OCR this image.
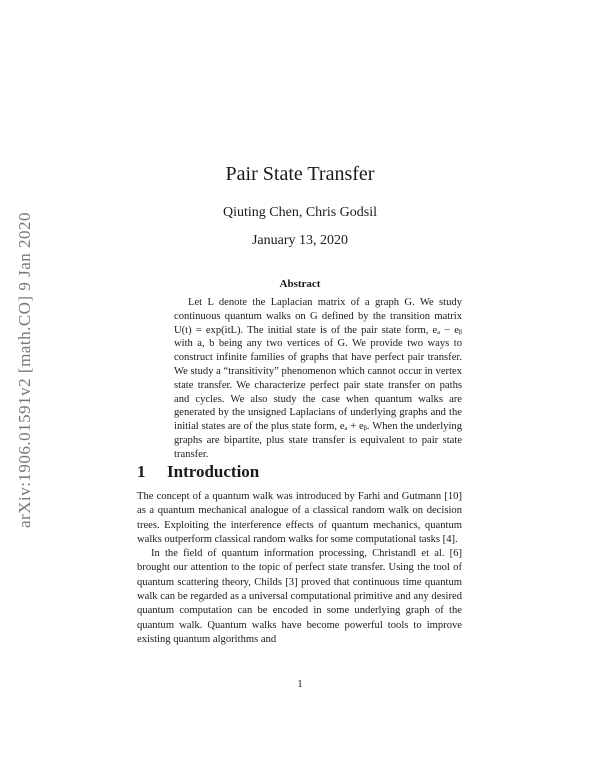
arXiv:1906.01591v2 [math.CO] 9 Jan 2020
Pair State Transfer
Qiuting Chen, Chris Godsil
January 13, 2020
Abstract
Let L denote the Laplacian matrix of a graph G. We study continuous quantum walks on G defined by the transition matrix U(t) = exp(itL). The initial state is of the pair state form, eₐ − eᵦ with a, b being any two vertices of G. We provide two ways to construct infinite families of graphs that have perfect pair transfer. We study a “transitivity” phenomenon which cannot occur in vertex state transfer. We characterize perfect pair state transfer on paths and cycles. We also study the case when quantum walks are generated by the unsigned Laplacians of underlying graphs and the initial states are of the plus state form, eₐ + eᵦ. When the underlying graphs are bipartite, plus state transfer is equivalent to pair state transfer.
1 Introduction

The concept of a quantum walk was introduced by Farhi and Gutmann [10] as a quantum mechanical analogue of a classical random walk on decision trees. Exploiting the interference effects of quantum mechanics, quantum walks outperform classical random walks for some computational tasks [4].

In the field of quantum information processing, Christandl et al. [6] brought our attention to the topic of perfect state transfer. Using the tool of quantum scattering theory, Childs [3] proved that continuous time quantum walk can be regarded as a universal computational primitive and any desired quantum computation can be encoded in some underlying graph of the quantum walk. Quantum walks have become powerful tools to improve existing quantum algorithms and

1
